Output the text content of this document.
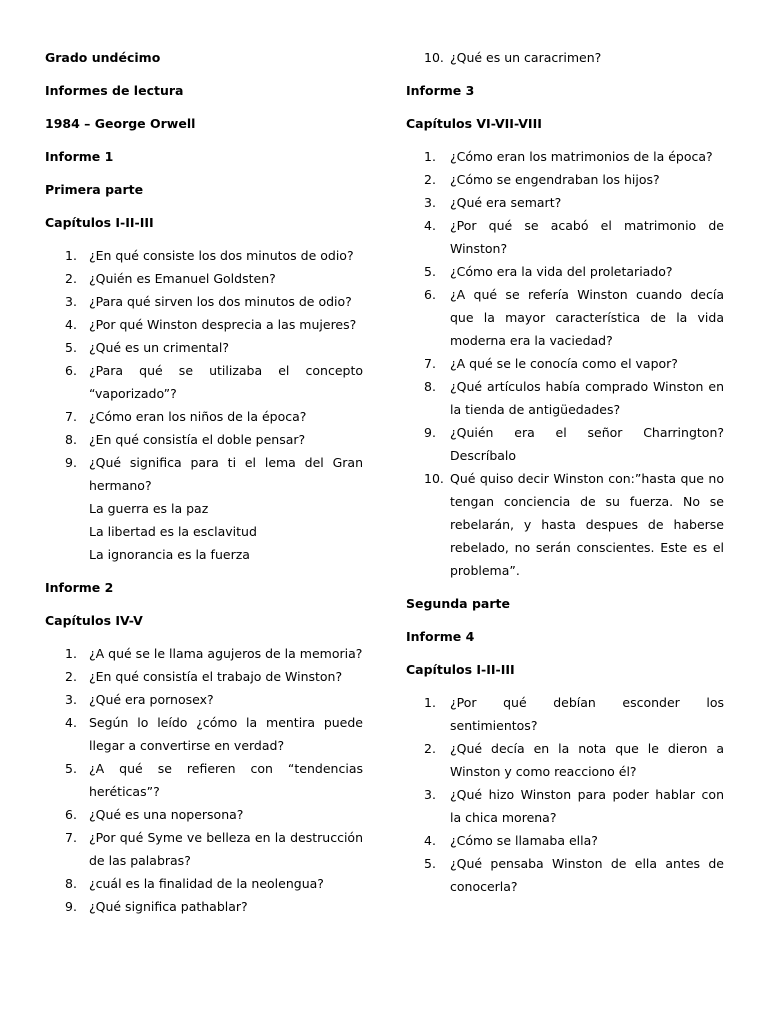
Grado undécimo
Informes de lectura
1984 – George Orwell
Informe 1
Primera parte
Capítulos I-II-III
1. ¿En qué consiste los dos minutos de odio?
2. ¿Quién es Emanuel Goldsten?
3. ¿Para qué sirven los dos minutos de odio?
4. ¿Por qué Winston desprecia a las mujeres?
5. ¿Qué es un crimental?
6. ¿Para qué se utilizaba el concepto “vaporizado”?
7. ¿Cómo eran los niños de la época?
8. ¿En qué consistía el doble pensar?
9. ¿Qué significa para ti el lema del Gran hermano?
La guerra es la paz
La libertad es la esclavitud
La ignorancia es la fuerza
Informe 2
Capítulos IV-V
1. ¿A qué se le llama agujeros de la memoria?
2. ¿En qué consistía el trabajo de Winston?
3. ¿Qué era pornosex?
4. Según lo leído ¿cómo la mentira puede llegar a convertirse en verdad?
5. ¿A qué se refieren con “tendencias heréticas”?
6. ¿Qué es una nopersona?
7. ¿Por qué Syme ve belleza en la destrucción de las palabras?
8. ¿cuál es la finalidad de la neolengua?
9. ¿Qué significa pathablar?
10. ¿Qué es un caracrimen?
Informe 3
Capítulos VI-VII-VIII
1.	¿Cómo eran los matrimonios de la época?
2.	¿Cómo se engendraban los hijos?
3.	¿Qué era semart?
4.	¿Por qué se acabó el matrimonio de Winston?
5.	¿Cómo era la vida del proletariado?
6.	¿A qué se refería Winston cuando decía que la mayor característica de la vida moderna era la vaciedad?
7.	¿A qué se le conocía como el vapor?
8.	¿Qué artículos había comprado Winston en la tienda de antigüedades?
9.	¿Quién era el señor Charrington? Descríbalo
10. Qué quiso decir Winston con:”hasta que no tengan conciencia de su fuerza. No se rebelarán, y hasta despues de haberse rebelado, no serán conscientes. Este es el problema”.
Segunda parte
Informe 4
Capítulos I-II-III
1.	¿Por qué debían esconder los sentimientos?
2.	¿Qué decía en la nota que le dieron a Winston y como reacciono él?
3.	¿Qué hizo Winston para poder hablar con la chica morena?
4.	¿Cómo se llamaba ella?
5.	¿Qué pensaba Winston de ella antes de conocerla?
